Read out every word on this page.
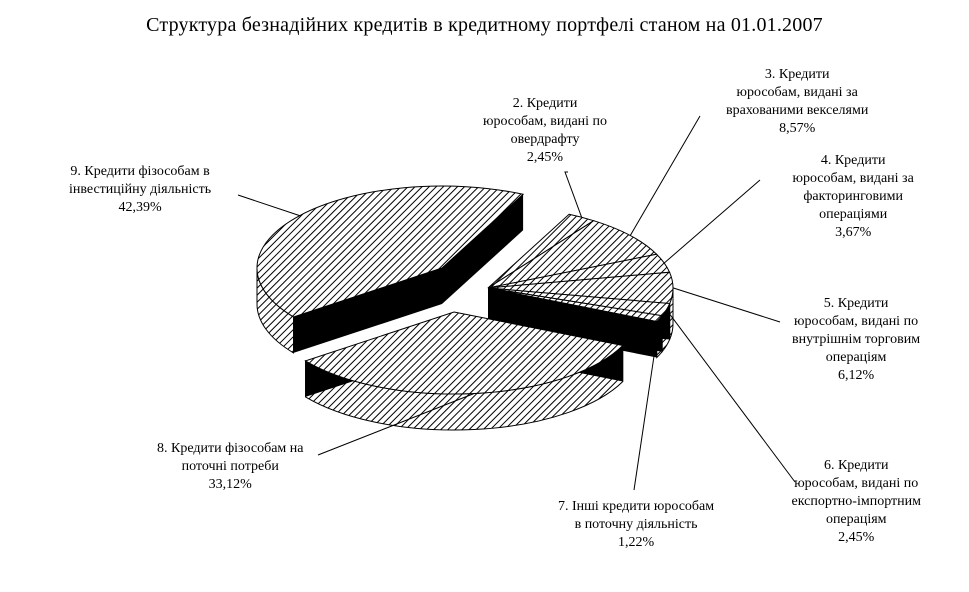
Структура безнадійних кредитів в кредитному портфелі станом на 01.01.2007
2. Кредити
юрособам, видані по
овердрафту
2,45%
3. Кредити
юрособам, видані за
врахованими векселями
8,57%
4. Кредити
юрособам, видані за
факторинговими
операціями
3,67%
5. Кредити
юрособам, видані по
внутрішнім торговим
операціям
6,12%
6. Кредити
юрособам, видані по
експортно-імпортним
операціям
2,45%
7. Інші кредити юрособам
в поточну діяльність
1,22%
8. Кредити фізособам на
поточні потреби
33,12%
9. Кредити фізособам в
інвестиційну діяльність
42,39%
